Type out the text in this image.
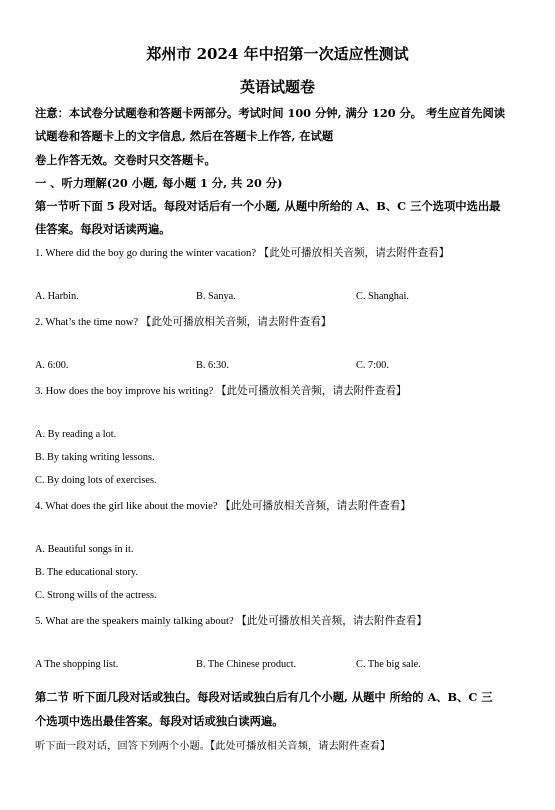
郑州市 2024 年中招第一次适应性测试
英语试题卷
注意：本试卷分试题卷和答题卡两部分。考试时间 100 分钟, 满分 120 分。 考生应首先阅读
试题卷和答题卡上的文字信息, 然后在答题卡上作答, 在试题
卷上作答无效。交卷时只交答题卡。
一 、听力理解(20 小题, 每小题 1 分, 共 20 分)
第一节听下面 5 段对话。每段对话后有一个小题, 从题中所给的 A、B、C 三个选项中选出最
佳答案。每段对话读两遍。
1. Where did the boy go during the winter vacation? 【此处可播放相关音频，请去附件查看】
A. Harbin.	B. Sanya.	C. Shanghai.
2. What’s the time now? 【此处可播放相关音频，请去附件查看】
A. 6:00.	B. 6:30.	C. 7:00.
3. How does the boy improve his writing? 【此处可播放相关音频，请去附件查看】
A. By reading a lot.
B. By taking writing lessons.
C. By doing lots of exercises.
4. What does the girl like about the movie? 【此处可播放相关音频，请去附件查看】
A. Beautiful songs in it.
B. The educational story.
C. Strong wills of the actress.
5. What are the speakers mainly talking about? 【此处可播放相关音频，请去附件查看】
A The shopping list.	B. The Chinese product.	C. The big sale.
第二节 听下面几段对话或独白。每段对话或独白后有几个小题, 从题中 所给的 A、B、C 三
个选项中选出最佳答案。每段对话或独白读两遍。
听下面一段对话，回答下列两个小题。【此处可播放相关音频，请去附件查看】
